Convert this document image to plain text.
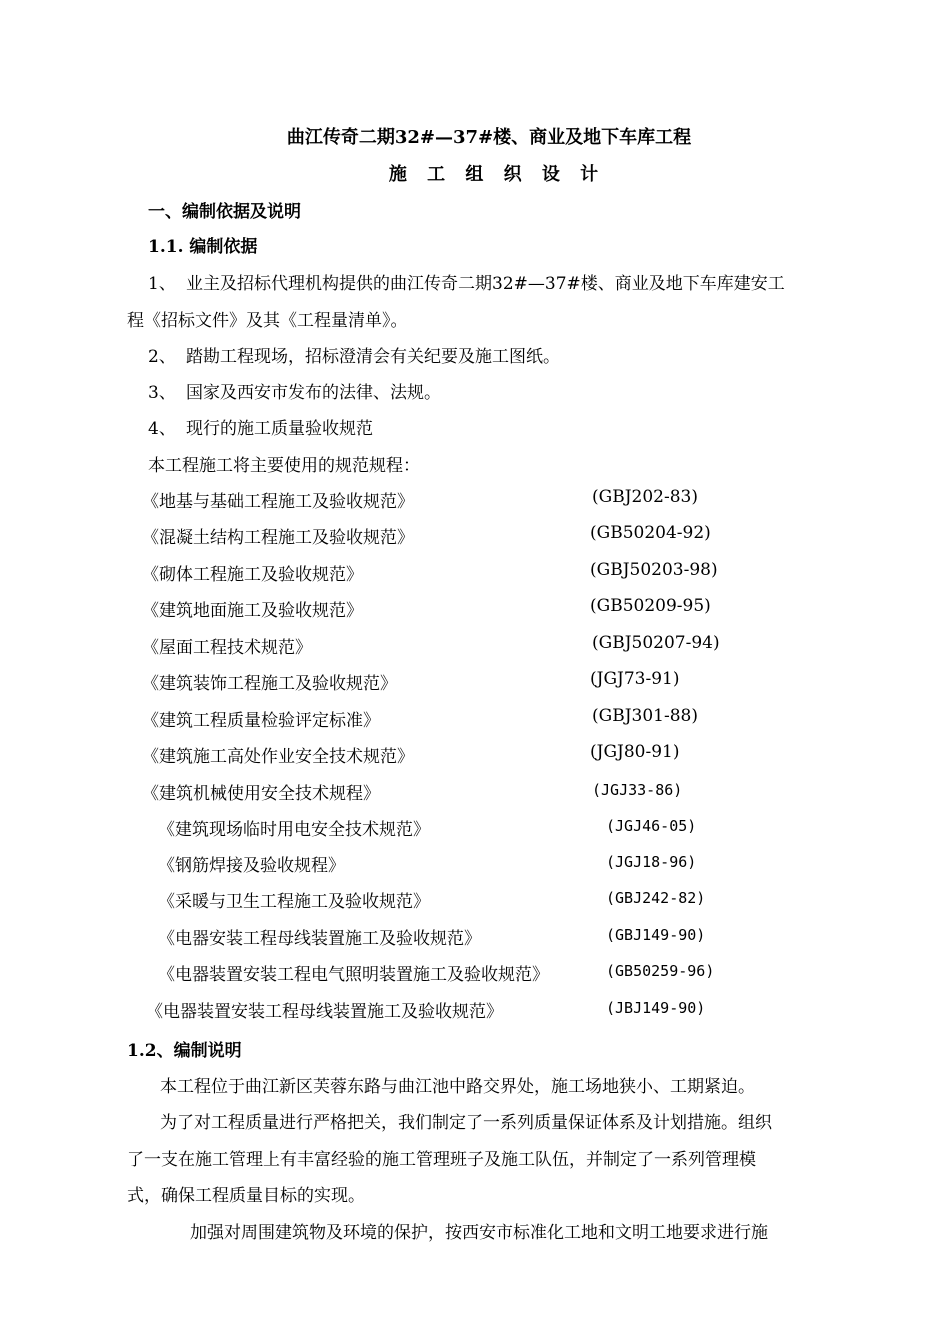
曲江传奇二期32#—37#楼、商业及地下车库工程
施 工 组 织 设 计
一、编制依据及说明
1.1. 编制依据
1、 业主及招标代理机构提供的曲江传奇二期32#—37#楼、商业及地下车库建安工
程《招标文件》及其《工程量清单》。
2、 踏勘工程现场，招标澄清会有关纪要及施工图纸。
3、 国家及西安市发布的法律、法规。
4、 现行的施工质量验收规范
本工程施工将主要使用的规范规程：
《地基与基础工程施工及验收规范》	(GBJ202-83)
《混凝土结构工程施工及验收规范》	(GB50204-92)
《砌体工程施工及验收规范》	(GBJ50203-98)
《建筑地面施工及验收规范》	(GB50209-95)
《屋面工程技术规范》	(GBJ50207-94)
《建筑装饰工程施工及验收规范》	(JGJ73-91)
《建筑工程质量检验评定标准》	(GBJ301-88)
《建筑施工高处作业安全技术规范》	(JGJ80-91)
《建筑机械使用安全技术规程》	(JGJ33-86)
《建筑现场临时用电安全技术规范》	(JGJ46-05)
《钢筋焊接及验收规程》	(JGJ18-96)
《采暖与卫生工程施工及验收规范》	(GBJ242-82)
《电器安装工程母线装置施工及验收规范》	(GBJ149-90)
《电器装置安装工程电气照明装置施工及验收规范》	(GB50259-96)
《电器装置安装工程母线装置施工及验收规范》	(JBJ149-90)
1.2、编制说明
本工程位于曲江新区芙蓉东路与曲江池中路交界处，施工场地狭小、工期紧迫。
为了对工程质量进行严格把关，我们制定了一系列质量保证体系及计划措施。组织
了一支在施工管理上有丰富经验的施工管理班子及施工队伍，并制定了一系列管理模
式，确保工程质量目标的实现。
加强对周围建筑物及环境的保护，按西安市标准化工地和文明工地要求进行施
